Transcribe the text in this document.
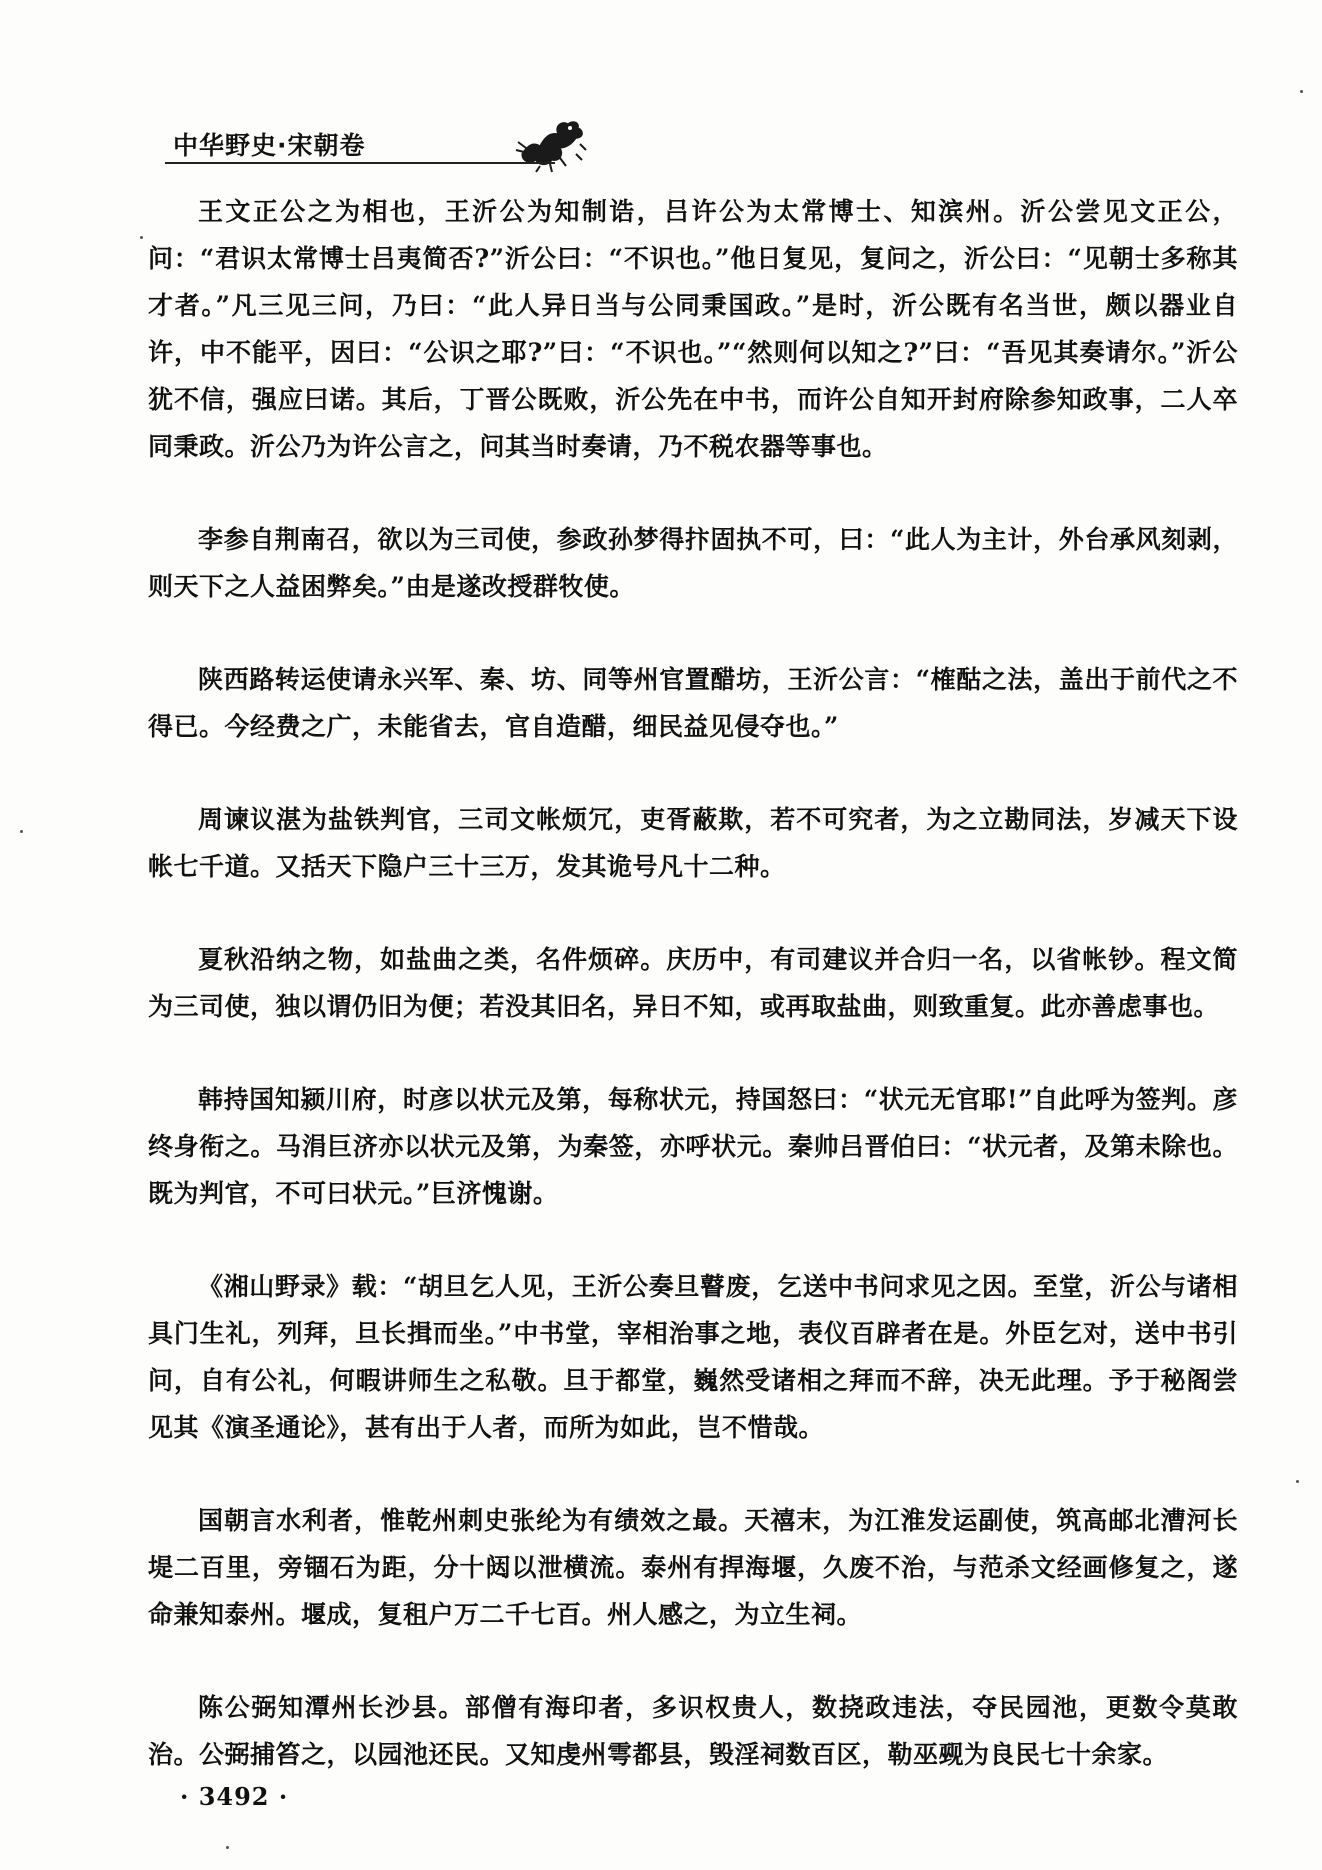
中华野史·宋朝卷

王文正公之为相也，王沂公为知制诰，吕许公为太常博士、知滨州。沂公尝见文正公，问：“君识太常博士吕夷简否?”沂公曰：“不识也。”他日复见，复问之，沂公曰：“见朝士多称其才者。”凡三见三问，乃曰：“此人异日当与公同秉国政。”是时，沂公既有名当世，颇以器业自许，中不能平，因曰：“公识之耶?”曰：“不识也。”“然则何以知之?”曰：“吾见其奏请尔。”沂公犹不信，强应曰诺。其后，丁晋公既败，沂公先在中书，而许公自知开封府除参知政事，二人卒同秉政。沂公乃为许公言之，问其当时奏请，乃不税农器等事也。

李参自荆南召，欲以为三司使，参政孙梦得抃固执不可，曰：“此人为主计，外台承风刻剥，则天下之人益困弊矣。”由是遂改授群牧使。

陕西路转运使请永兴军、秦、坊、同等州官置醋坊，王沂公言：“榷酤之法，盖出于前代之不得已。今经费之广，未能省去，官自造醋，细民益见侵夺也。”

周谏议湛为盐铁判官，三司文帐烦冗，吏胥蔽欺，若不可究者，为之立勘同法，岁减天下设帐七千道。又括天下隐户三十三万，发其诡号凡十二种。

夏秋沿纳之物，如盐曲之类，名件烦碎。庆历中，有司建议并合归一名，以省帐钞。程文简为三司使，独以谓仍旧为便；若没其旧名，异日不知，或再取盐曲，则致重复。此亦善虑事也。

韩持国知颍川府，时彦以状元及第，每称状元，持国怒曰：“状元无官耶!”自此呼为签判。彦终身衔之。马涓巨济亦以状元及第，为秦签，亦呼状元。秦帅吕晋伯曰：“状元者，及第未除也。既为判官，不可曰状元。”巨济愧谢。

《湘山野录》载：“胡旦乞人见，王沂公奏旦瞽废，乞送中书问求见之因。至堂，沂公与诸相具门生礼，列拜，旦长揖而坐。”中书堂，宰相治事之地，表仪百辟者在是。外臣乞对，送中书引问，自有公礼，何暇讲师生之私敬。旦于都堂，巍然受诸相之拜而不辞，决无此理。予于秘阁尝见其《演圣通论》，甚有出于人者，而所为如此，岂不惜哉。

国朝言水利者，惟乾州刺史张纶为有绩效之最。天禧末，为江淮发运副使，筑高邮北漕河长堤二百里，旁锢石为距，分十闼以泄横流。泰州有捍海堰，久废不治，与范杀文经画修复之，遂命兼知泰州。堰成，复租户万二千七百。州人感之，为立生祠。

陈公弼知潭州长沙县。部僧有海印者，多识权贵人，数挠政违法，夺民园池，更数令莫敢治。公弼捕笞之，以园池还民。又知虔州雩都县，毁淫祠数百区，勒巫觋为良民七十余家。

· 3492 ·
